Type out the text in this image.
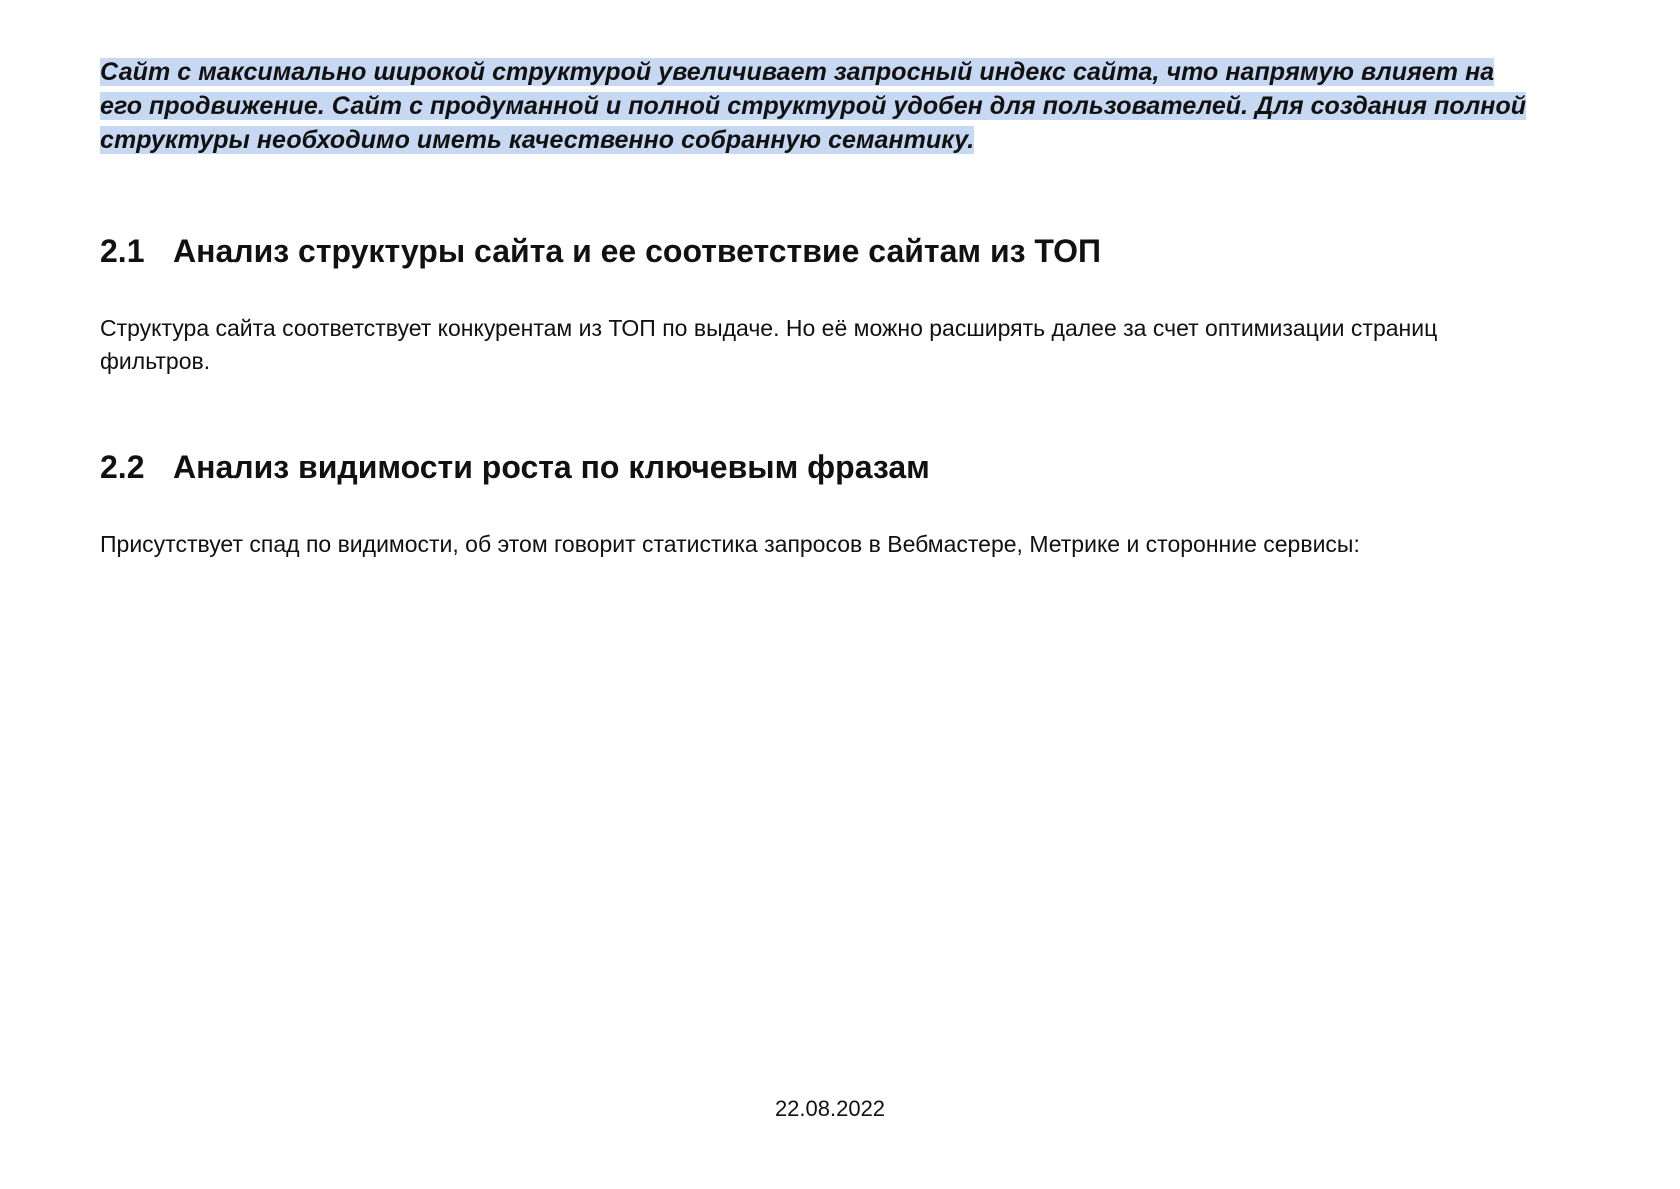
Сайт с максимально широкой структурой увеличивает запросный индекс сайта, что напрямую влияет на его продвижение. Сайт с продуманной и полной структурой удобен для пользователей. Для создания полной структуры необходимо иметь качественно собранную семантику.

2.1 Анализ структуры сайта и ее соответствие сайтам из ТОП

Структура сайта соответствует конкурентам из ТОП по выдаче. Но её можно расширять далее за счет оптимизации страниц фильтров.

2.2 Анализ видимости роста по ключевым фразам

Присутствует спад по видимости, об этом говорит статистика запросов в Вебмастере, Метрике и сторонние сервисы:

22.08.2022
